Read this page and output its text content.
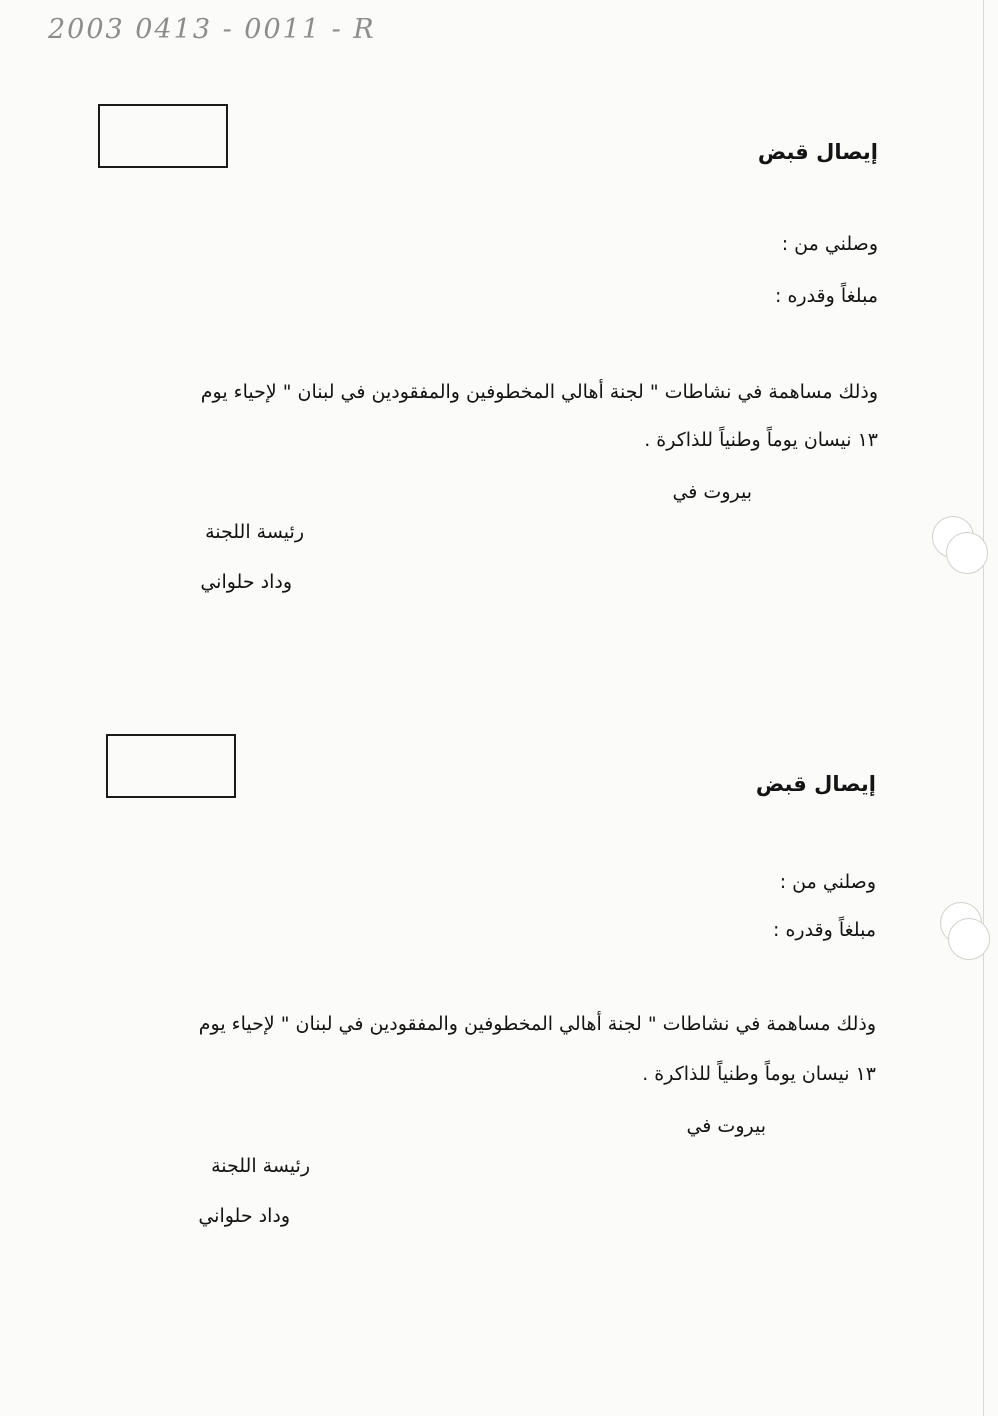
2003 0413 - 0011 - R

إيصال قبض

وصلني من :

مبلغاً وقدره :

وذلك مساهمة في نشاطات " لجنة أهالي المخطوفين والمفقودين في لبنان " لإحياء يوم

١٣ نيسان يوماً وطنياً للذاكرة .

بيروت في

رئيسة اللجنة

وداد حلواني

إيصال قبض

وصلني من :

مبلغاً وقدره :

وذلك مساهمة في نشاطات " لجنة أهالي المخطوفين والمفقودين في لبنان " لإحياء يوم

١٣ نيسان يوماً وطنياً للذاكرة .

بيروت في

رئيسة اللجنة

وداد حلواني
